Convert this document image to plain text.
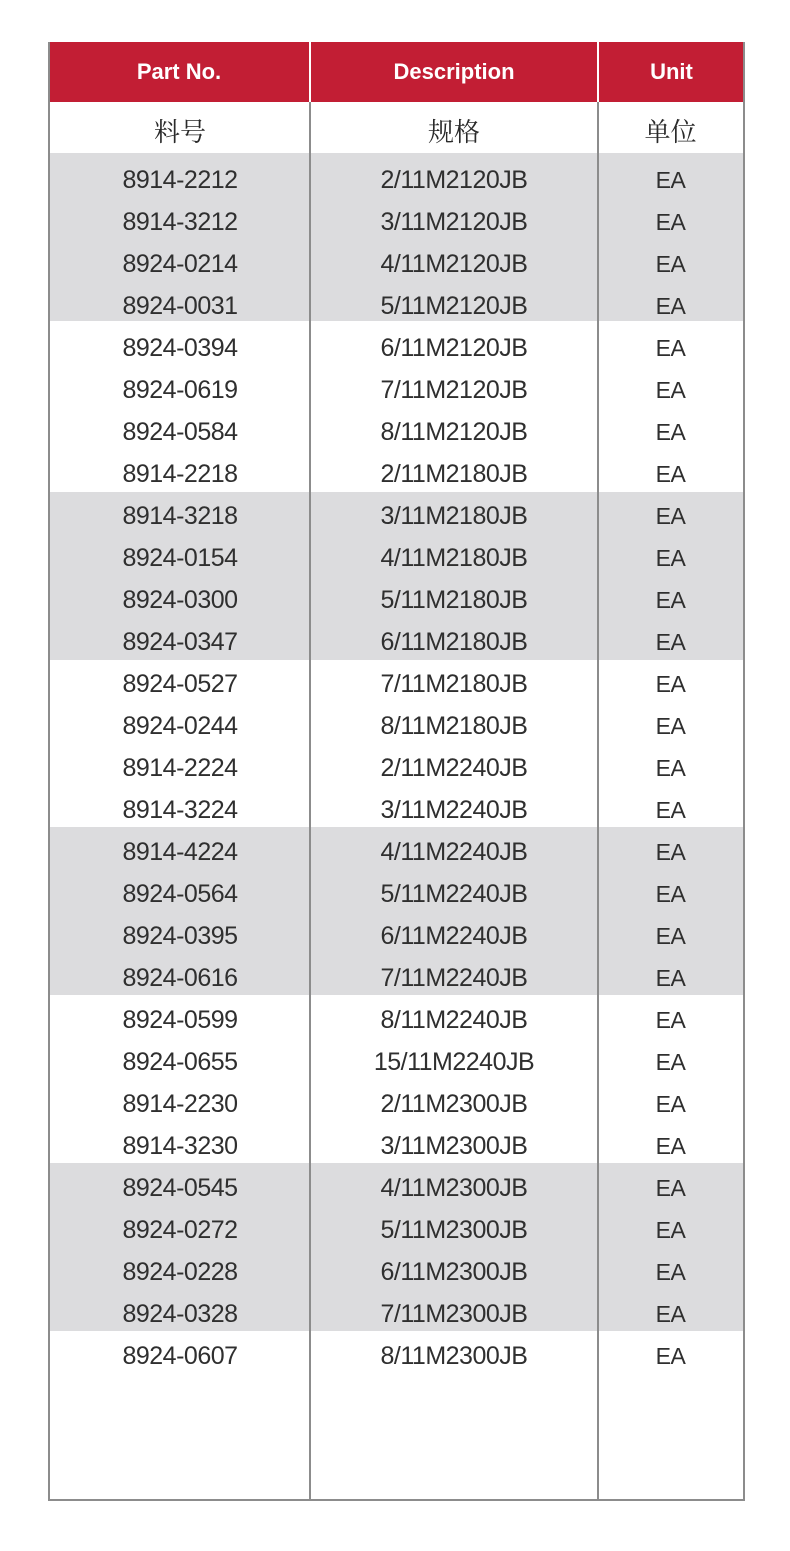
Part No.	Description	Unit
料号	规格	单位
8914-2212	2/11M2120JB	EA
8914-3212	3/11M2120JB	EA
8924-0214	4/11M2120JB	EA
8924-0031	5/11M2120JB	EA
8924-0394	6/11M2120JB	EA
8924-0619	7/11M2120JB	EA
8924-0584	8/11M2120JB	EA
8914-2218	2/11M2180JB	EA
8914-3218	3/11M2180JB	EA
8924-0154	4/11M2180JB	EA
8924-0300	5/11M2180JB	EA
8924-0347	6/11M2180JB	EA
8924-0527	7/11M2180JB	EA
8924-0244	8/11M2180JB	EA
8914-2224	2/11M2240JB	EA
8914-3224	3/11M2240JB	EA
8914-4224	4/11M2240JB	EA
8924-0564	5/11M2240JB	EA
8924-0395	6/11M2240JB	EA
8924-0616	7/11M2240JB	EA
8924-0599	8/11M2240JB	EA
8924-0655	15/11M2240JB	EA
8914-2230	2/11M2300JB	EA
8914-3230	3/11M2300JB	EA
8924-0545	4/11M2300JB	EA
8924-0272	5/11M2300JB	EA
8924-0228	6/11M2300JB	EA
8924-0328	7/11M2300JB	EA
8924-0607	8/11M2300JB	EA
